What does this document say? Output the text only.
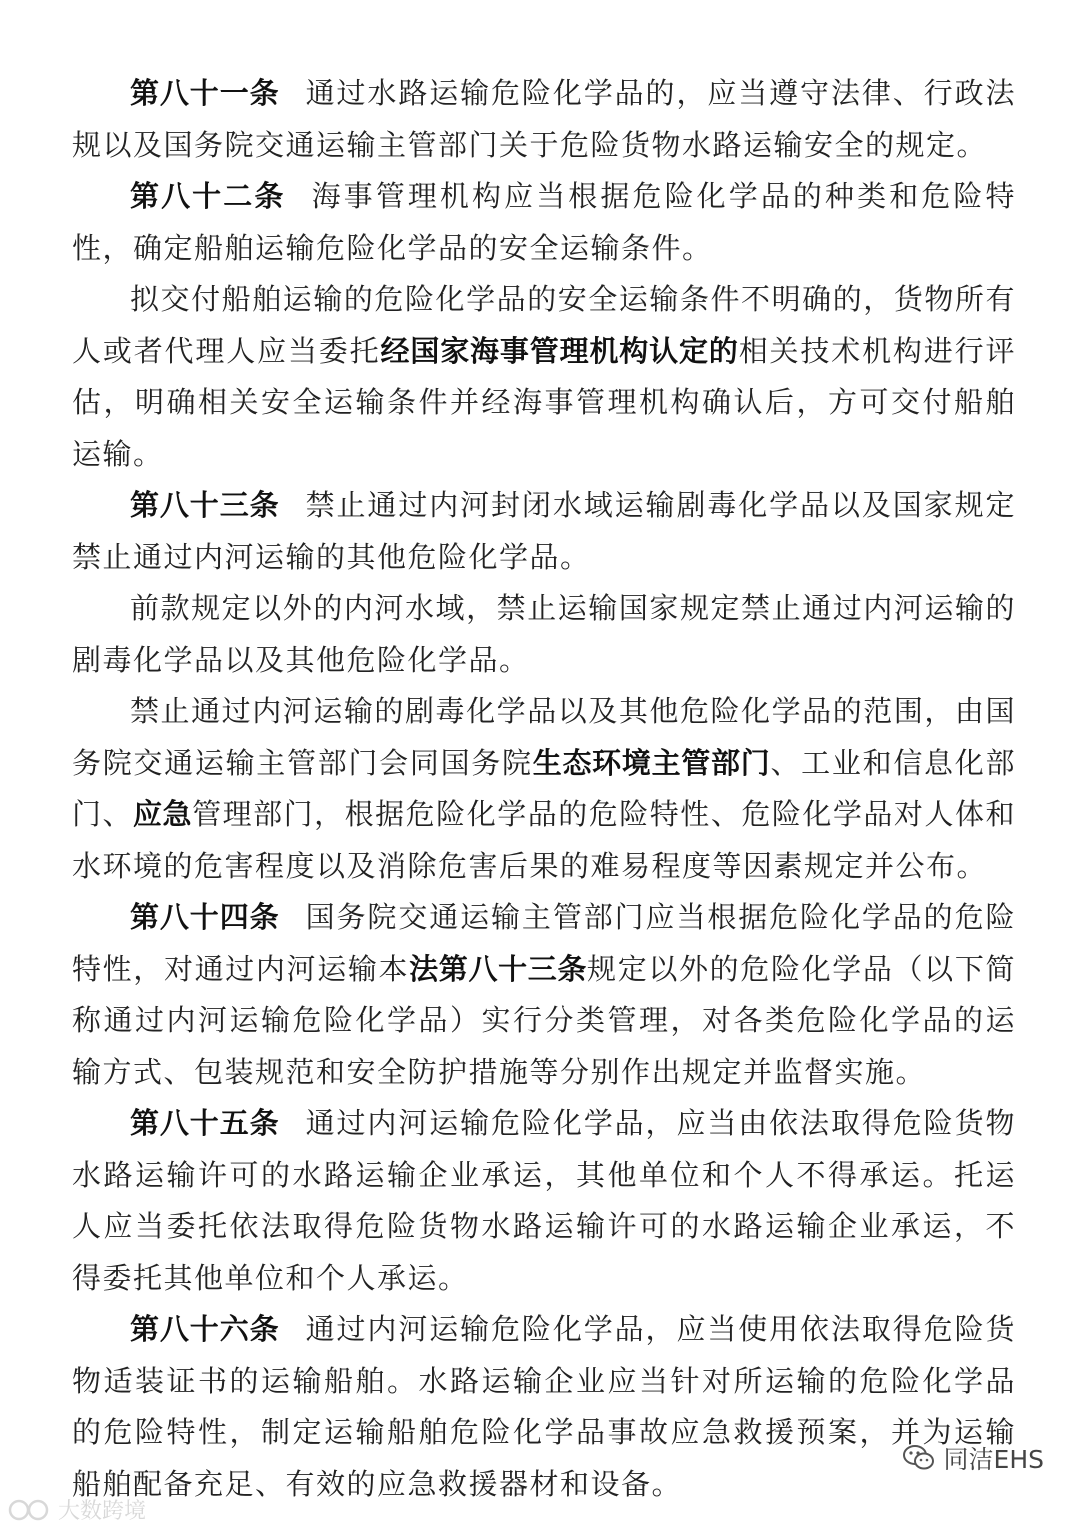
第八十一条 通过水路运输危险化学品的，应当遵守法律、行政法规以及国务院交通运输主管部门关于危险货物水路运输安全的规定。

第八十二条 海事管理机构应当根据危险化学品的种类和危险特性，确定船舶运输危险化学品的安全运输条件。

拟交付船舶运输的危险化学品的安全运输条件不明确的，货物所有人或者代理人应当委托经国家海事管理机构认定的相关技术机构进行评估，明确相关安全运输条件并经海事管理机构确认后，方可交付船舶运输。

第八十三条 禁止通过内河封闭水域运输剧毒化学品以及国家规定禁止通过内河运输的其他危险化学品。

前款规定以外的内河水域，禁止运输国家规定禁止通过内河运输的剧毒化学品以及其他危险化学品。

禁止通过内河运输的剧毒化学品以及其他危险化学品的范围，由国务院交通运输主管部门会同国务院生态环境主管部门、工业和信息化部门、应急管理部门，根据危险化学品的危险特性、危险化学品对人体和水环境的危害程度以及消除危害后果的难易程度等因素规定并公布。

第八十四条 国务院交通运输主管部门应当根据危险化学品的危险特性，对通过内河运输本法第八十三条规定以外的危险化学品（以下简称通过内河运输危险化学品）实行分类管理，对各类危险化学品的运输方式、包装规范和安全防护措施等分别作出规定并监督实施。

第八十五条 通过内河运输危险化学品，应当由依法取得危险货物水路运输许可的水路运输企业承运，其他单位和个人不得承运。托运人应当委托依法取得危险货物水路运输许可的水路运输企业承运，不得委托其他单位和个人承运。

第八十六条 通过内河运输危险化学品，应当使用依法取得危险货物适装证书的运输船舶。水路运输企业应当针对所运输的危险化学品的危险特性，制定运输船舶危险化学品事故应急救援预案，并为运输船舶配备充足、有效的应急救援器材和设备。

大数跨境
同洁EHS
